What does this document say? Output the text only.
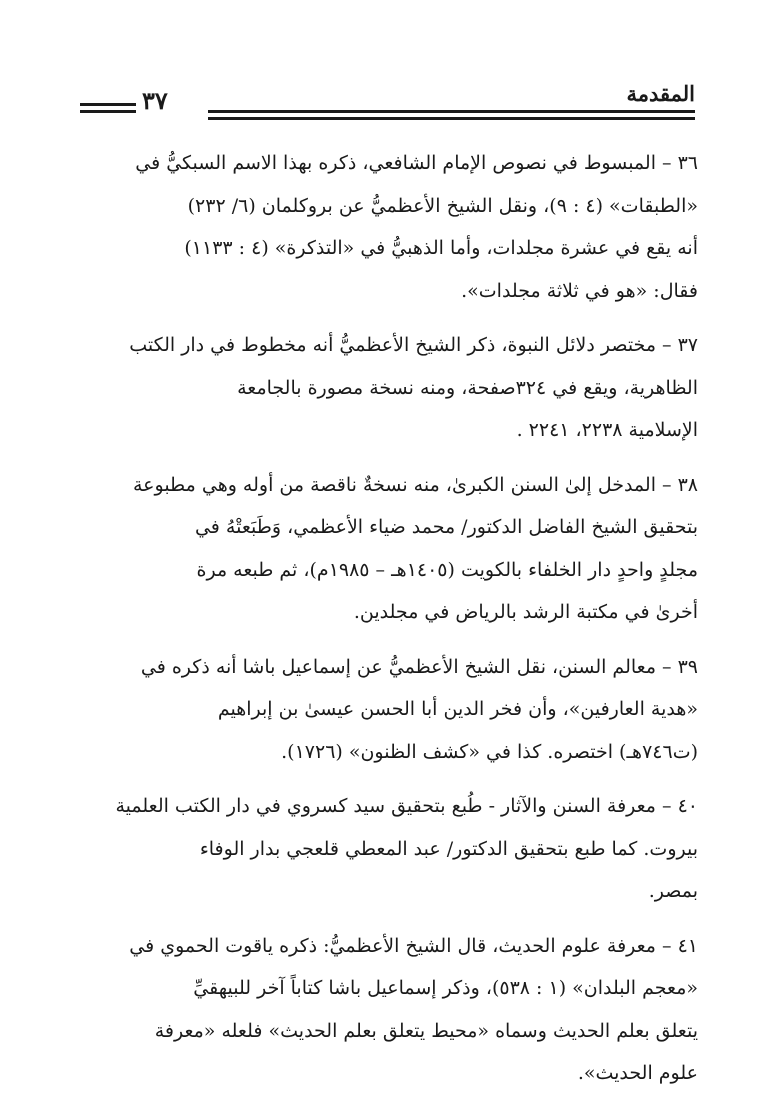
المقدمة
٣٧
٣٦ – المبسوط في نصوص الإمام الشافعي، ذكره بهذا الاسم السبكيُّ في
«الطبقات» (٤ : ٩)، ونقل الشيخ الأعظميُّ عن بروكلمان (٦/ ٢٣٢)
أنه يقع في عشرة مجلدات، وأما الذهبيُّ في «التذكرة» (٤ : ١١٣٣)
فقال: «هو في ثلاثة مجلدات».
٣٧ – مختصر دلائل النبوة، ذكر الشيخ الأعظميُّ أنه مخطوط في دار الكتب
الظاهرية، ويقع في ٣٢٤صفحة، ومنه نسخة مصورة بالجامعة
الإسلامية ٢٢٣٨، ٢٢٤١ .
٣٨ – المدخل إلىٰ السنن الكبرىٰ، منه نسخةٌ ناقصة من أوله وهي مطبوعة
بتحقيق الشيخ الفاضل الدكتور/ محمد ضياء الأعظمي، وَطَبَعتْهُ في
مجلدٍ واحدٍ دار الخلفاء بالكويت (١٤٠٥هـ – ١٩٨٥م)، ثم طبعه مرة
أخرىٰ في مكتبة الرشد بالرياض في مجلدين.
٣٩ – معالم السنن، نقل الشيخ الأعظميُّ عن إسماعيل باشا أنه ذكره في
«هدية العارفين»، وأن فخر الدين أبا الحسن عيسىٰ بن إبراهيم
(ت٧٤٦هـ) اختصره. كذا في «كشف الظنون» (١٧٢٦).
٤٠ – معرفة السنن والآثار - طُبع بتحقيق سيد كسروي في دار الكتب العلمية
بيروت. كما طبع بتحقيق الدكتور/ عبد المعطي قلعجي بدار الوفاء
بمصر.
٤١ – معرفة علوم الحديث، قال الشيخ الأعظميُّ: ذكره ياقوت الحموي في
«معجم البلدان» (١ : ٥٣٨)، وذكر إسماعيل باشا كتاباً آخر للبيهقيِّ
يتعلق بعلم الحديث وسماه «محيط يتعلق بعلم الحديث» فلعله «معرفة
علوم الحديث».
